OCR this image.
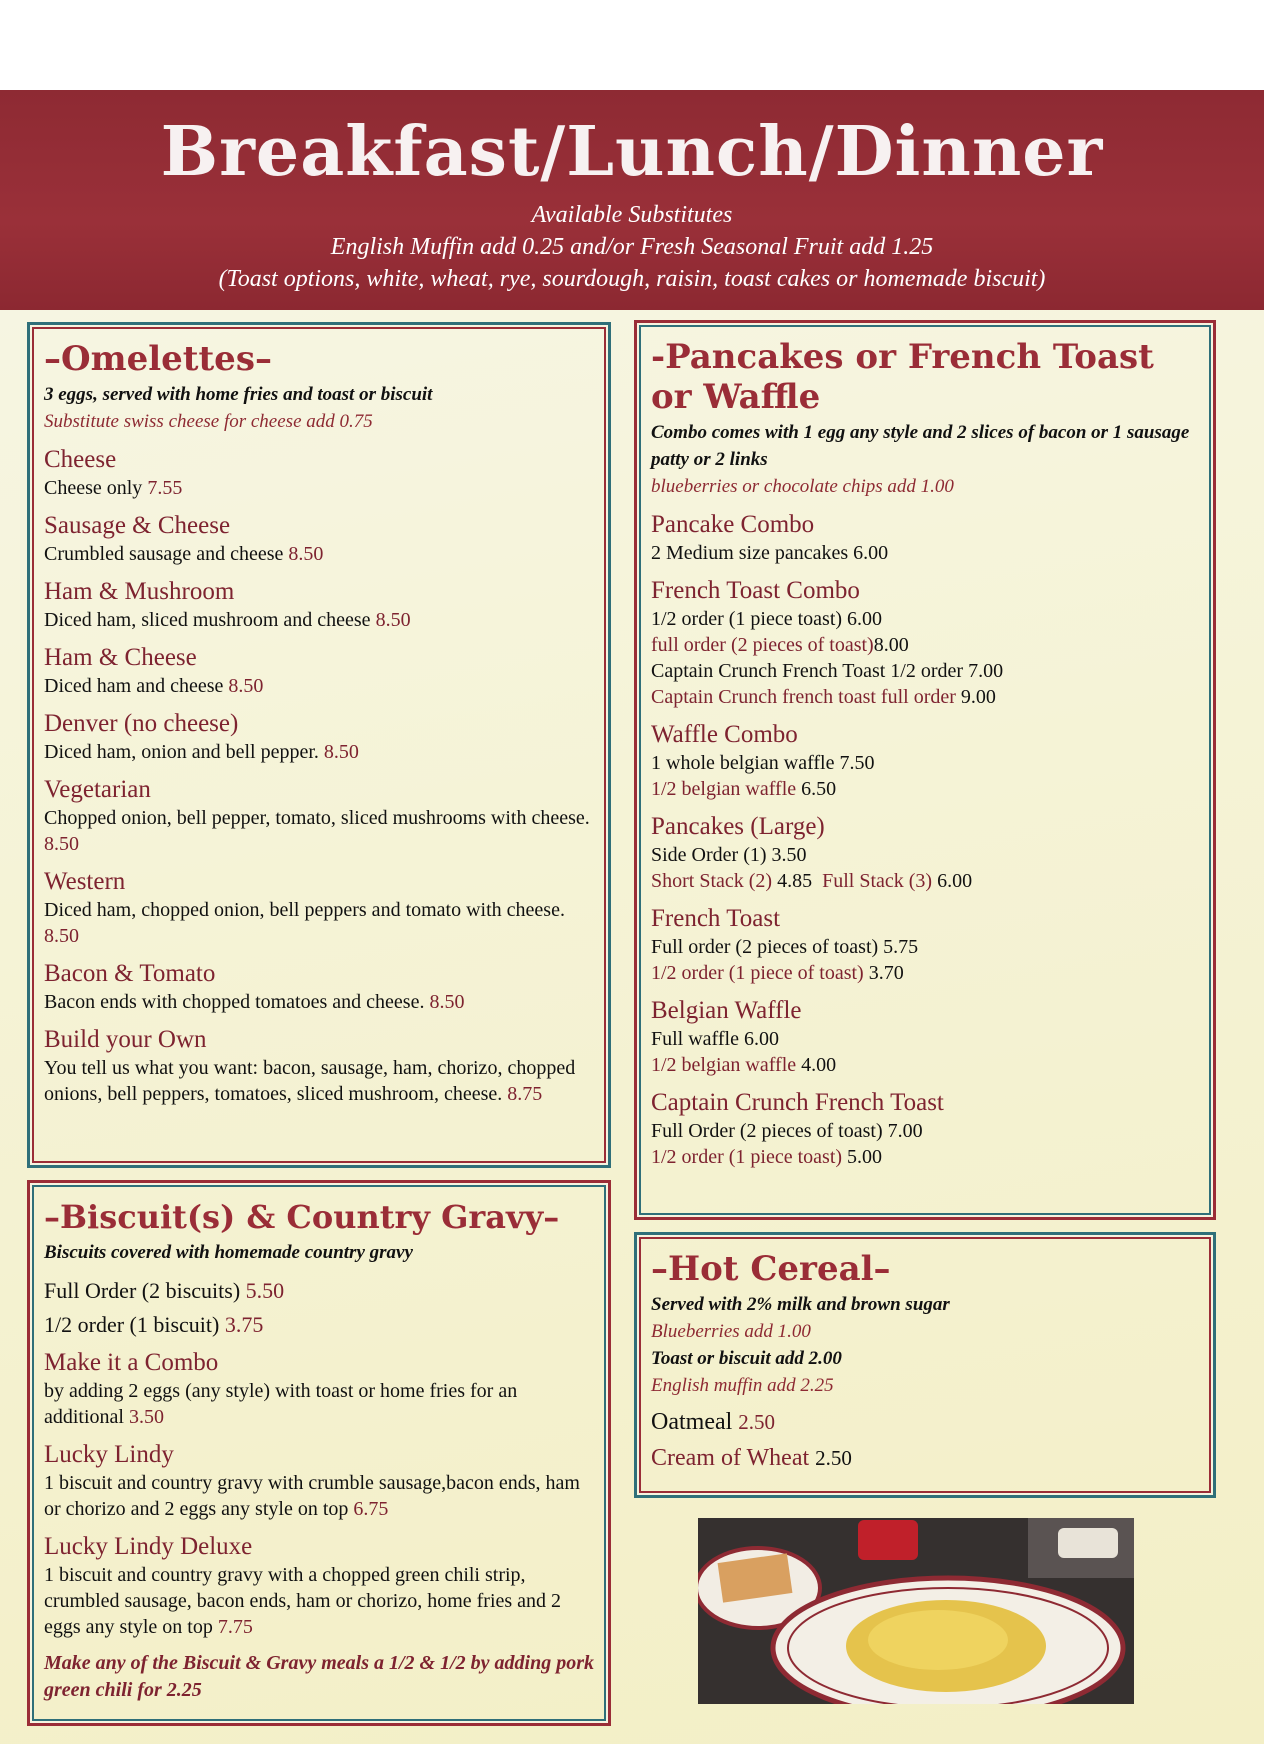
Breakfast/Lunch/Dinner
Available Substitutes
English Muffin add 0.25 and/or Fresh Seasonal Fruit add 1.25
(Toast options, white, wheat, rye, sourdough, raisin, toast cakes or homemade biscuit)
–Omelettes–
3 eggs, served with home fries and toast or biscuit
Substitute swiss cheese for cheese add 0.75
Cheese
Cheese only 7.55
Sausage & Cheese
Crumbled sausage and cheese 8.50
Ham & Mushroom
Diced ham, sliced mushroom and cheese 8.50
Ham & Cheese
Diced ham and cheese 8.50
Denver (no cheese)
Diced ham, onion and bell pepper. 8.50
Vegetarian
Chopped onion, bell pepper, tomato, sliced mushrooms with cheese. 8.50
Western
Diced ham, chopped onion, bell peppers and tomato with cheese. 8.50
Bacon & Tomato
Bacon ends with chopped tomatoes and cheese. 8.50
Build your Own
You tell us what you want: bacon, sausage, ham, chorizo, chopped onions, bell peppers, tomatoes, sliced mushroom, cheese. 8.75
–Biscuit(s) & Country Gravy–
Biscuits covered with homemade country gravy
Full Order (2 biscuits) 5.50
1/2 order (1 biscuit) 3.75
Make it a Combo
by adding 2 eggs (any style) with toast or home fries for an additional 3.50
Lucky Lindy
1 biscuit and country gravy with crumble sausage,bacon ends, ham or chorizo and 2 eggs any style on top 6.75
Lucky Lindy Deluxe
1 biscuit and country gravy with a chopped green chili strip, crumbled sausage, bacon ends, ham or chorizo, home fries and 2 eggs any style on top 7.75
Make any of the Biscuit & Gravy meals a 1/2 & 1/2 by adding pork green chili for 2.25
-Pancakes or French Toast or Waffle
Combo comes with 1 egg any style and 2 slices of bacon or 1 sausage patty or 2 links
blueberries or chocolate chips add 1.00
Pancake Combo
2 Medium size pancakes 6.00
French Toast Combo
1/2 order (1 piece toast) 6.00
full order (2 pieces of toast)8.00
Captain Crunch French Toast 1/2 order 7.00
Captain Crunch french toast full order 9.00
Waffle Combo
1 whole belgian waffle 7.50
1/2 belgian waffle 6.50
Pancakes (Large)
Side Order (1) 3.50
Short Stack (2) 4.85 Full Stack (3) 6.00
French Toast
Full order (2 pieces of toast) 5.75
1/2 order (1 piece of toast) 3.70
Belgian Waffle
Full waffle 6.00
1/2 belgian waffle 4.00
Captain Crunch French Toast
Full Order (2 pieces of toast) 7.00
1/2 order (1 piece toast) 5.00
–Hot Cereal–
Served with 2% milk and brown sugar
Blueberries add 1.00
Toast or biscuit add 2.00
English muffin add 2.25
Oatmeal 2.50
Cream of Wheat 2.50
